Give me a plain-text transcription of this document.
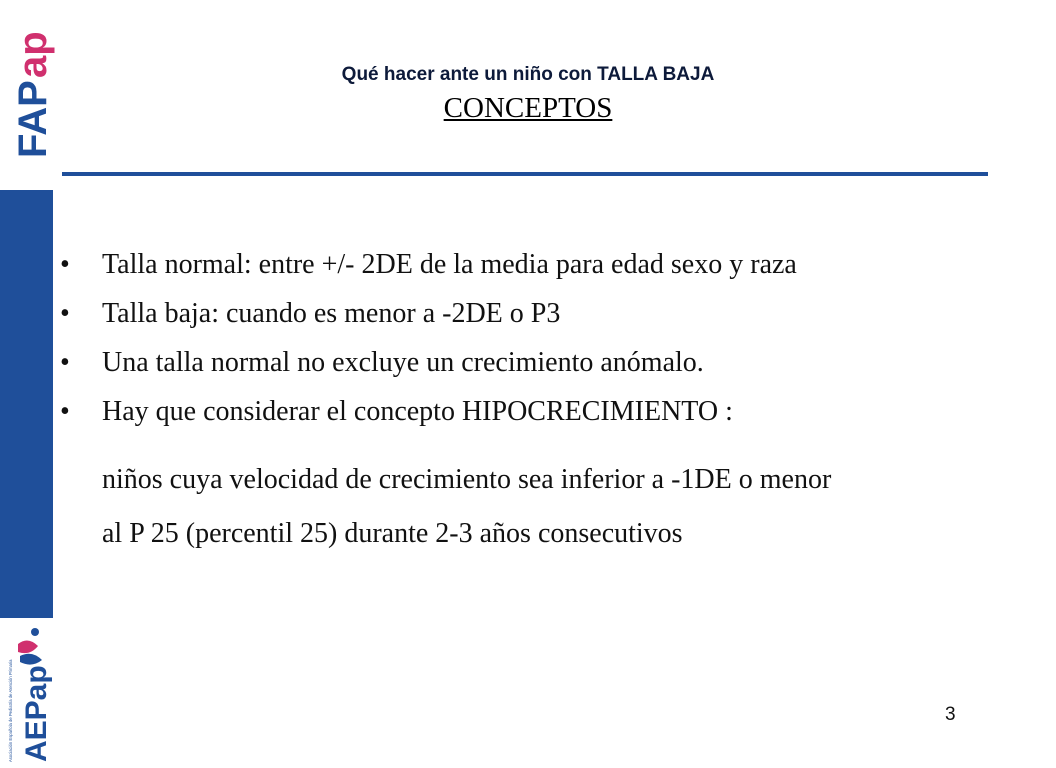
FAP
ap
Asociación Española de Pediatría de Atención Primaria AEPap
Qué hacer ante un niño con TALLA BAJA
CONCEPTOS
• Talla normal: entre +/- 2DE de la media para edad sexo y raza
• Talla baja: cuando es menor a -2DE o P3
• Una talla normal no excluye un crecimiento anómalo.
• Hay que considerar el concepto HIPOCRECIMIENTO :
niños cuya velocidad de crecimiento sea inferior a -1DE o menor
al P 25 (percentil 25) durante 2-3 años consecutivos
3
